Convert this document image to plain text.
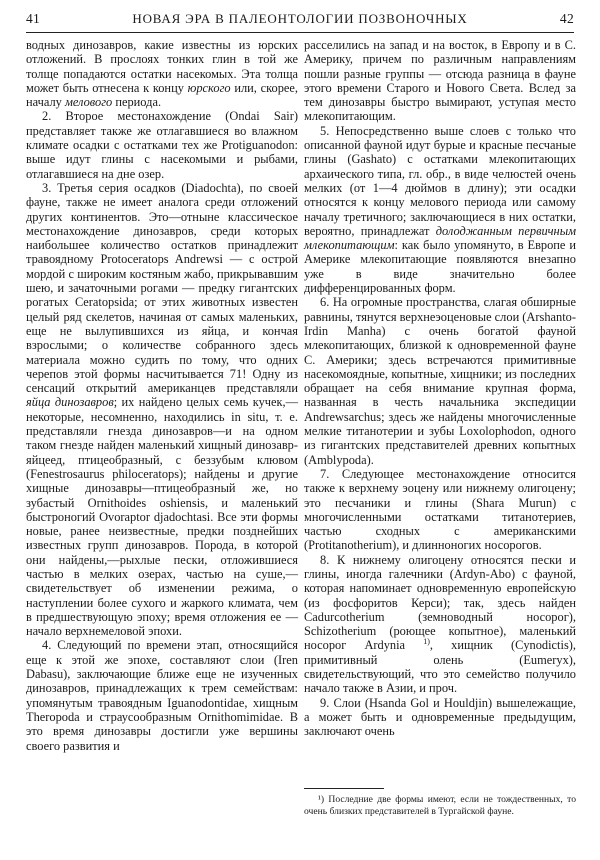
41	НОВАЯ ЭРА В ПАЛЕОНТОЛОГИИ ПОЗВОНОЧНЫХ	42

водных динозавров, какие известны из юрских отложений. В прослоях тонких глин в той же толще попадаются остатки насекомых. Эта толща может быть отнесена к концу юрского или, скорее, началу мелового периода.

2. Второе местонахождение (Ondai Sair) представляет также же отлагавшиеся во влажном климате осадки с остатками тех же Protiguanodon: выше идут глины с насекомыми и рыбами, отлагавшиеся на дне озер.

3. Третья серия осадков (Diadochta), по своей фауне, также не имеет аналога среди отложений других континентов. Это—отныне классическое местонахождение динозавров, среди которых наибольшее количество остатков принадлежит травоядному Protoceratops Andrewsi — с острой мордой с широким костяным жабо, прикрывавшим шею, и зачаточными рогами — предку гигантских рогатых Ceratopsida; от этих животных известен целый ряд скелетов, начиная от самых маленьких, еще не вылупившихся из яйца, и кончая взрослыми; о количестве собранного здесь материала можно судить по тому, что одних черепов этой формы насчитывается 71! Одну из сенсаций открытий американцев представляли яйца динозавров; их найдено целых семь кучек,—некоторые, несомненно, находились in situ, т. е. представляли гнезда динозавров—и на одном таком гнезде найден маленький хищный динозавр-яйцеед, птицеобразный, с беззубым клювом (Fenestrosaurus philoceratops); найдены и другие хищные динозавры—птицеобразный же, но зубастый Ornithoides oshiensis, и маленький быстроногий Ovoraptor djadochtasi. Все эти формы новые, ранее неизвестные, предки позднейших известных групп динозавров. Порода, в которой они найдены,—рыхлые пески, отложившиеся частью в мелких озерах, частью на суше,—свидетельствует об изменении режима, о наступлении более сухого и жаркого климата, чем в предшествующую эпоху; время отложения ее — начало верхнемеловой эпохи.

4. Следующий по времени этап, относящийся еще к этой же эпохе, составляют слои (Iren Dabasu), заключающие ближе еще не изученных динозавров, принадлежащих к трем семействам: упомянутым травоядным Iguanodontidae, хищным Theropoda и страусообразным Ornithomimidae. В это время динозавры достигли уже вершины своего развития и

расселились на запад и на восток, в Европу и в С. Америку, причем по различным направлениям пошли разные группы — отсюда разница в фауне этого времени Старого и Нового Света. Вслед за тем динозавры быстро вымирают, уступая место млекопитающим.

5. Непосредственно выше слоев с только что описанной фауной идут бурые и красные песчаные глины (Gashato) с остатками млекопитающих архаического типа, гл. обр., в виде челюстей очень мелких (от 1—4 дюймов в длину); эти осадки относятся к концу мелового периода или самому началу третичного; заключающиеся в них остатки, вероятно, принадлежат долоджанным первичным млекопитающим: как было упомянуто, в Европе и Америке млекопитающие появляются внезапно уже в виде значительно более дифференцированных форм.

6. На огромные пространства, слагая обширные равнины, тянутся верхнеэоценовые слои (Arshanto-Irdin Manha) с очень богатой фауной млекопитающих, близкой к одновременной фауне С. Америки; здесь встречаются примитивные насекомоядные, копытные, хищники; из последних обращает на себя внимание крупная форма, названная в честь начальника экспедиции Andrewsarchus; здесь же найдены многочисленные мелкие титанотерии и зубы Loxolophodon, одного из гигантских представителей древних копытных (Amblypoda).

7. Следующее местонахождение относится также к верхнему эоцену или нижнему олигоцену; это песчаники и глины (Shara Murun) с многочисленными остатками титанотериев, частью сходных с американскими (Protitanotherium), и длинноногих носорогов.

8. К нижнему олигоцену относятся пески и глины, иногда галечники (Ardyn-Abo) с фауной, которая напоминает одновременную европейскую (из фосфоритов Керси); так, здесь найден Cadurcotherium (земноводный носорог), Schizotherium (роющее копытное), маленький носорог Ardynia $^{1)}$, хищник (Cynodictis), примитивный олень (Eumeryx), свидетельствующий, что это семейство получило начало также в Азии, и проч.

9. Слои (Hsanda Gol и Houldjin) вышележащие, а может быть и одновременные предыдущим, заключают очень

¹) Последние две формы имеют, если не тождественных, то очень близких представителей в Тургайской фауне.
